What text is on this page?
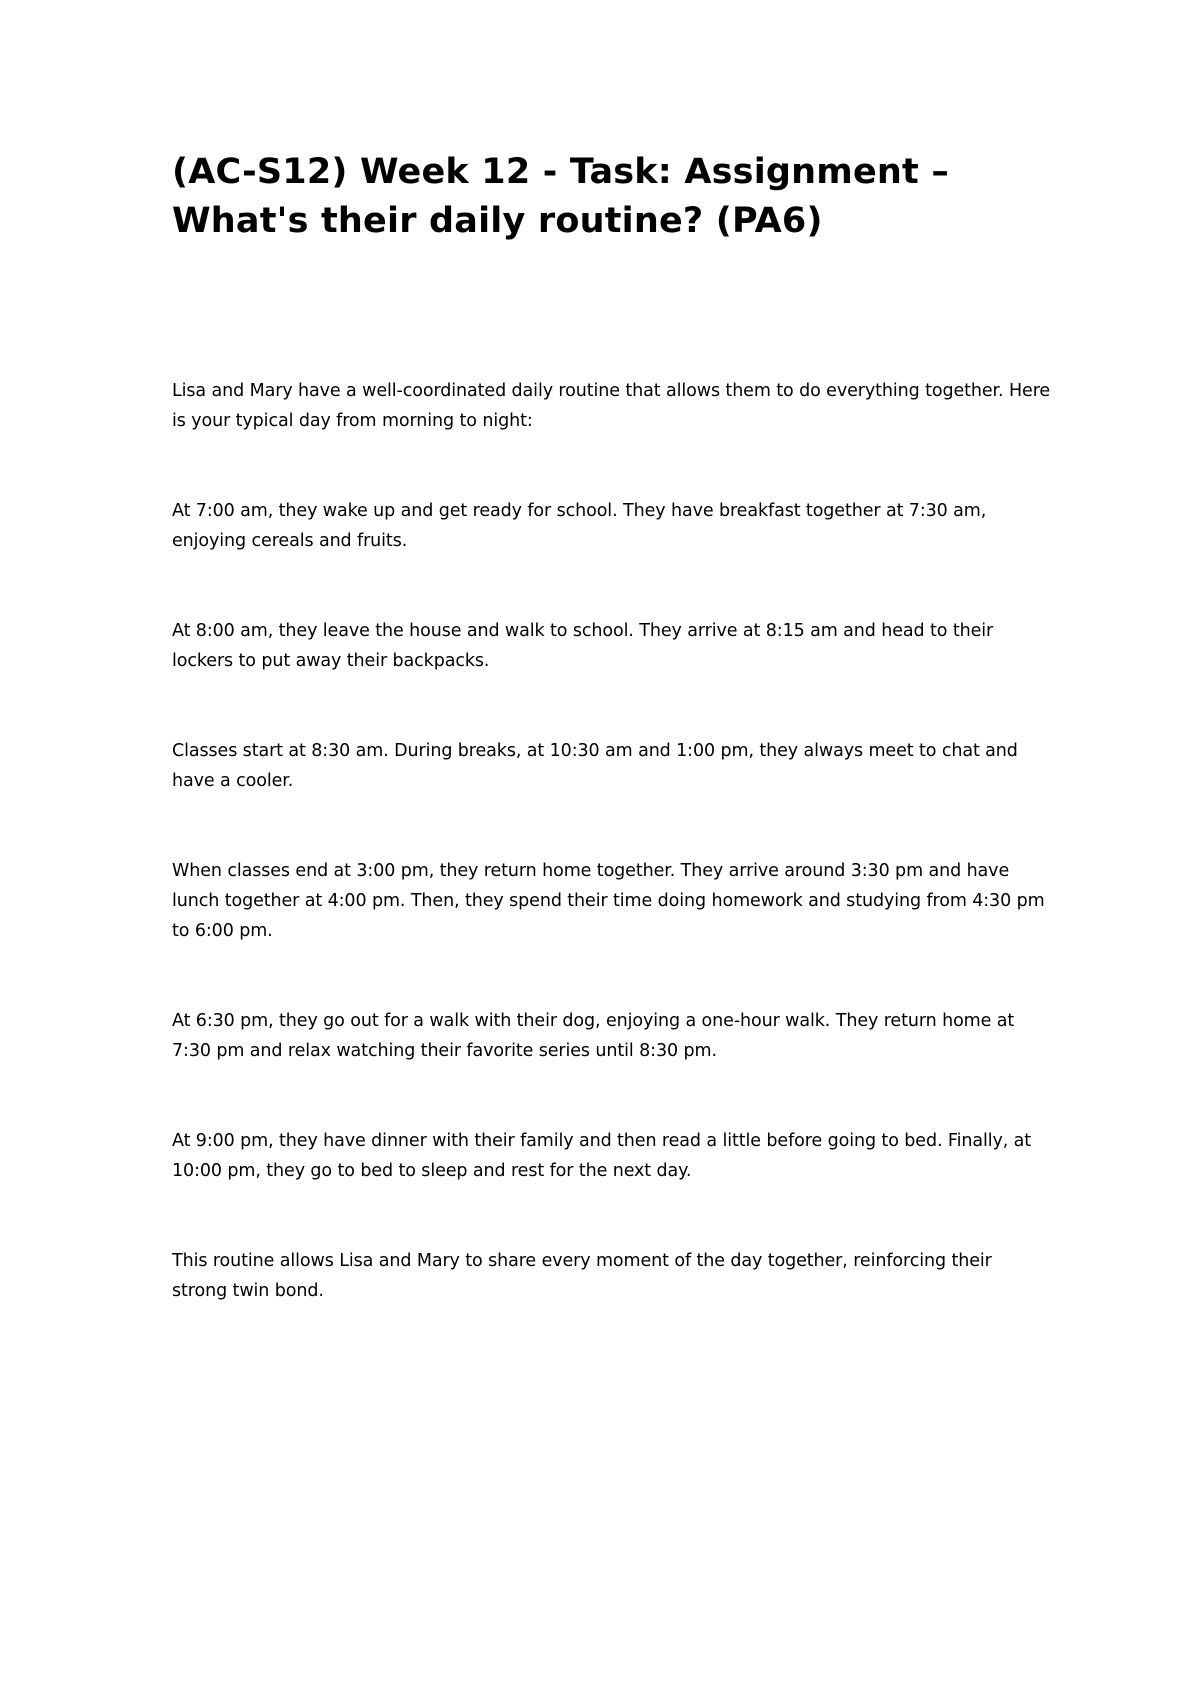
(AC-S12) Week 12 - Task: Assignment – What's their daily routine? (PA6)

Lisa and Mary have a well-coordinated daily routine that allows them to do everything together. Here is your typical day from morning to night:

At 7:00 am, they wake up and get ready for school. They have breakfast together at 7:30 am, enjoying cereals and fruits.

At 8:00 am, they leave the house and walk to school. They arrive at 8:15 am and head to their lockers to put away their backpacks.

Classes start at 8:30 am. During breaks, at 10:30 am and 1:00 pm, they always meet to chat and have a cooler.

When classes end at 3:00 pm, they return home together. They arrive around 3:30 pm and have lunch together at 4:00 pm. Then, they spend their time doing homework and studying from 4:30 pm to 6:00 pm.

At 6:30 pm, they go out for a walk with their dog, enjoying a one-hour walk. They return home at 7:30 pm and relax watching their favorite series until 8:30 pm.

At 9:00 pm, they have dinner with their family and then read a little before going to bed. Finally, at 10:00 pm, they go to bed to sleep and rest for the next day.

This routine allows Lisa and Mary to share every moment of the day together, reinforcing their strong twin bond.
